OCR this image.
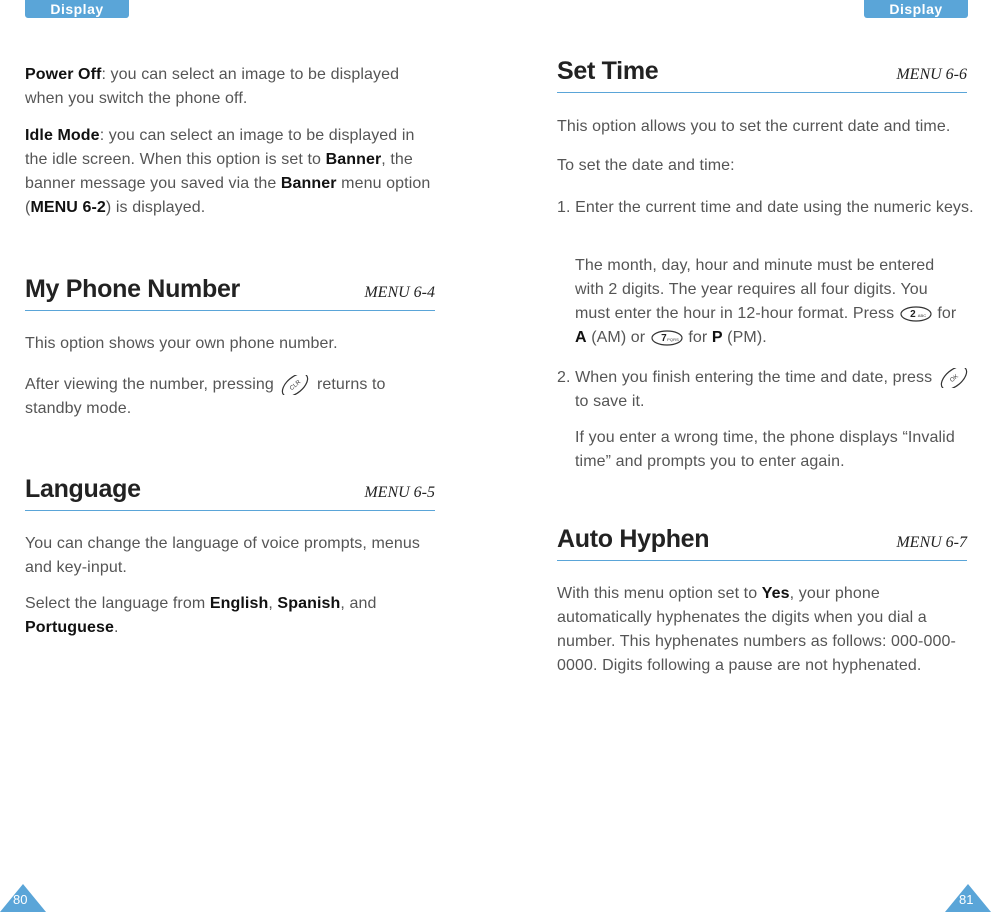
Display	Display
Power Off: you can select an image to be displayed when you switch the phone off.
Idle Mode: you can select an image to be displayed in the idle screen. When this option is set to Banner, the banner message you saved via the Banner menu option (MENU 6-2) is displayed.
My Phone Number	MENU 6-4
This option shows your own phone number.
After viewing the number, pressing CLR returns to standby mode.
Language	MENU 6-5
You can change the language of voice prompts, menus and key-input.
Select the language from English, Spanish, and Portuguese.
Set Time	MENU 6-6
This option allows you to set the current date and time.
To set the date and time:
1. Enter the current time and date using the numeric keys.
The month, day, hour and minute must be entered with 2 digits. The year requires all four digits. You must enter the hour in 12-hour format. Press 2 ABC for A (AM) or 7 PQRS for P (PM).
2. When you finish entering the time and date, press OK
to save it.
If you enter a wrong time, the phone displays “Invalid time” and prompts you to enter again.
Auto Hyphen	MENU 6-7
With this menu option set to Yes, your phone automatically hyphenates the digits when you dial a number. This hyphenates numbers as follows: 000-000-0000. Digits following a pause are not hyphenated.
80	81
